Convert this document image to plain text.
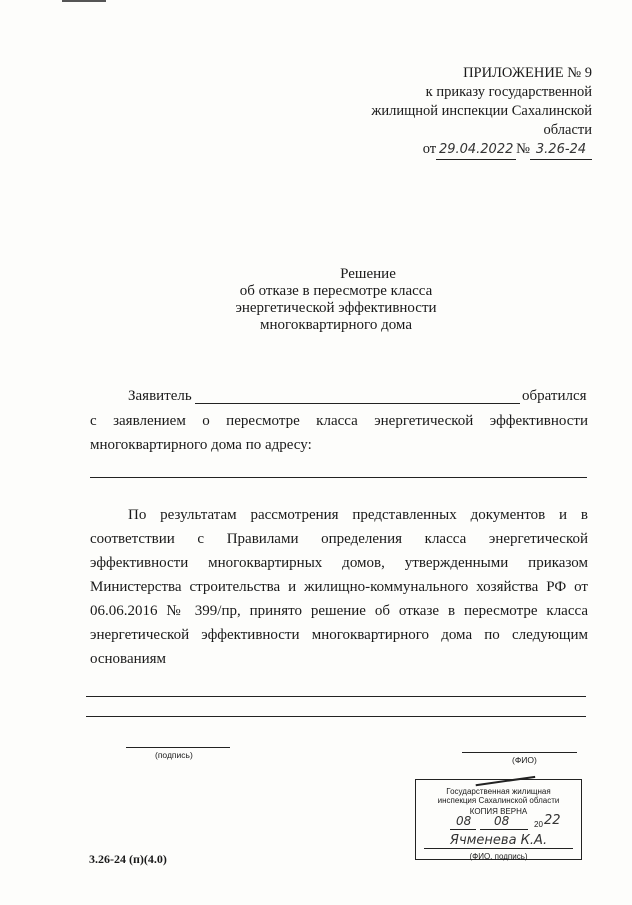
ПРИЛОЖЕНИЕ № 9
к приказу государственной
жилищной инспекции Сахалинской
области
от 29.04.2022 № 3.26-24
Решение
об отказе в пересмотре класса
энергетической эффективности
многоквартирного дома
Заявитель	обратился
с заявлением о пересмотре класса энергетической эффективности
многоквартирного дома по адресу:
По результатам рассмотрения представленных документов и в
соответствии с Правилами определения класса энергетической
эффективности многоквартирных домов, утвержденными приказом
Министерства строительства и жилищно-коммунального хозяйства РФ от
06.06.2016 № 399/пр, принято решение об отказе в пересмотре класса
энергетической эффективности многоквартирного дома по следующим
основаниям
(подпись)	(ФИО)
Государственная жилищная
инспекция Сахалинской области
КОПИЯ ВЕРНА
08 08	20 22
Ячменева К.А.
(ФИО, подпись)
3.26-24 (п)(4.0)
